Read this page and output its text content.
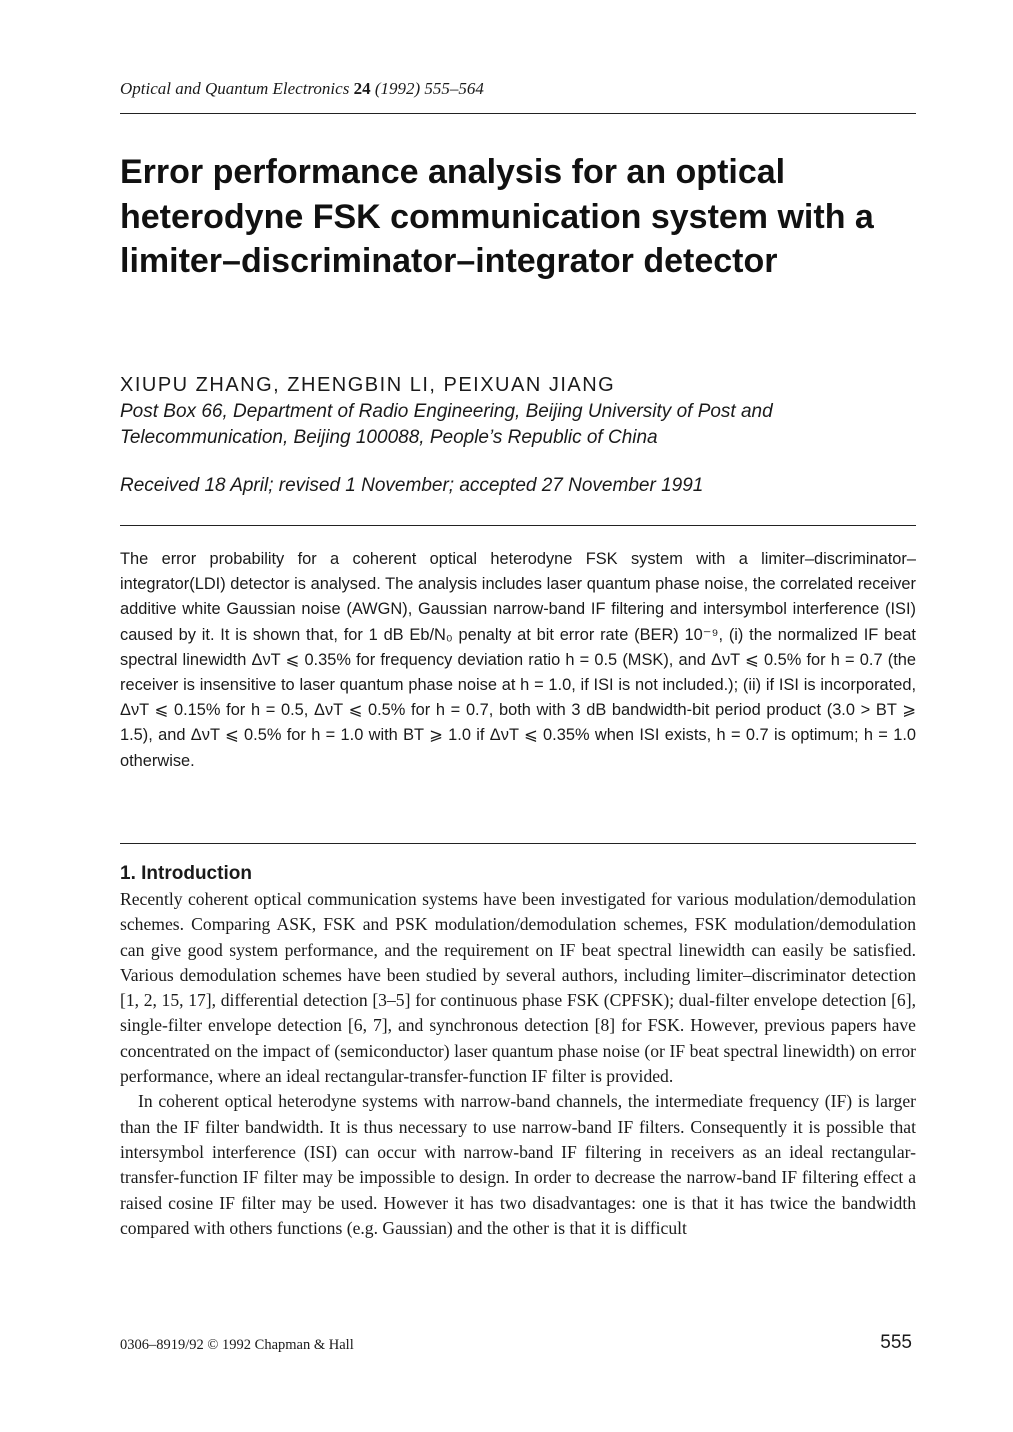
Optical and Quantum Electronics 24 (1992) 555–564
Error performance analysis for an optical heterodyne FSK communication system with a limiter–discriminator–integrator detector

XIUPU ZHANG, ZHENGBIN LI, PEIXUAN JIANG

Post Box 66, Department of Radio Engineering, Beijing University of Post and Telecommunication, Beijing 100088, People’s Republic of China

Received 18 April; revised 1 November; accepted 27 November 1991

The error probability for a coherent optical heterodyne FSK system with a limiter–discriminator–integrator(LDI) detector is analysed. The analysis includes laser quantum phase noise, the correlated receiver additive white Gaussian noise (AWGN), Gaussian narrow-band IF filtering and intersymbol interference (ISI) caused by it. It is shown that, for 1 dB Eb/N₀ penalty at bit error rate (BER) 10⁻⁹, (i) the normalized IF beat spectral linewidth ΔνT ⩽ 0.35% for frequency deviation ratio h = 0.5 (MSK), and ΔνT ⩽ 0.5% for h = 0.7 (the receiver is insensitive to laser quantum phase noise at h = 1.0, if ISI is not included.); (ii) if ISI is incorporated, ΔνT ⩽ 0.15% for h = 0.5, ΔνT ⩽ 0.5% for h = 0.7, both with 3 dB bandwidth-bit period product (3.0 > BT ⩾ 1.5), and ΔνT ⩽ 0.5% for h = 1.0 with BT ⩾ 1.0 if ΔνT ⩽ 0.35% when ISI exists, h = 0.7 is optimum; h = 1.0 otherwise.

1. Introduction

Recently coherent optical communication systems have been investigated for various modulation/demodulation schemes. Comparing ASK, FSK and PSK modulation/demodulation schemes, FSK modulation/demodulation can give good system performance, and the requirement on IF beat spectral linewidth can easily be satisfied. Various demodulation schemes have been studied by several authors, including limiter–discriminator detection [1, 2, 15, 17], differential detection [3–5] for continuous phase FSK (CPFSK); dual-filter envelope detection [6], single-filter envelope detection [6, 7], and synchronous detection [8] for FSK. However, previous papers have concentrated on the impact of (semiconductor) laser quantum phase noise (or IF beat spectral linewidth) on error performance, where an ideal rectangular-transfer-function IF filter is provided.

In coherent optical heterodyne systems with narrow-band channels, the intermediate frequency (IF) is larger than the IF filter bandwidth. It is thus necessary to use narrow-band IF filters. Consequently it is possible that intersymbol interference (ISI) can occur with narrow-band IF filtering in receivers as an ideal rectangular-transfer-function IF filter may be impossible to design. In order to decrease the narrow-band IF filtering effect a raised cosine IF filter may be used. However it has two disadvantages: one is that it has twice the bandwidth compared with others functions (e.g. Gaussian) and the other is that it is difficult

0306–8919/92 © 1992 Chapman & Hall	555
